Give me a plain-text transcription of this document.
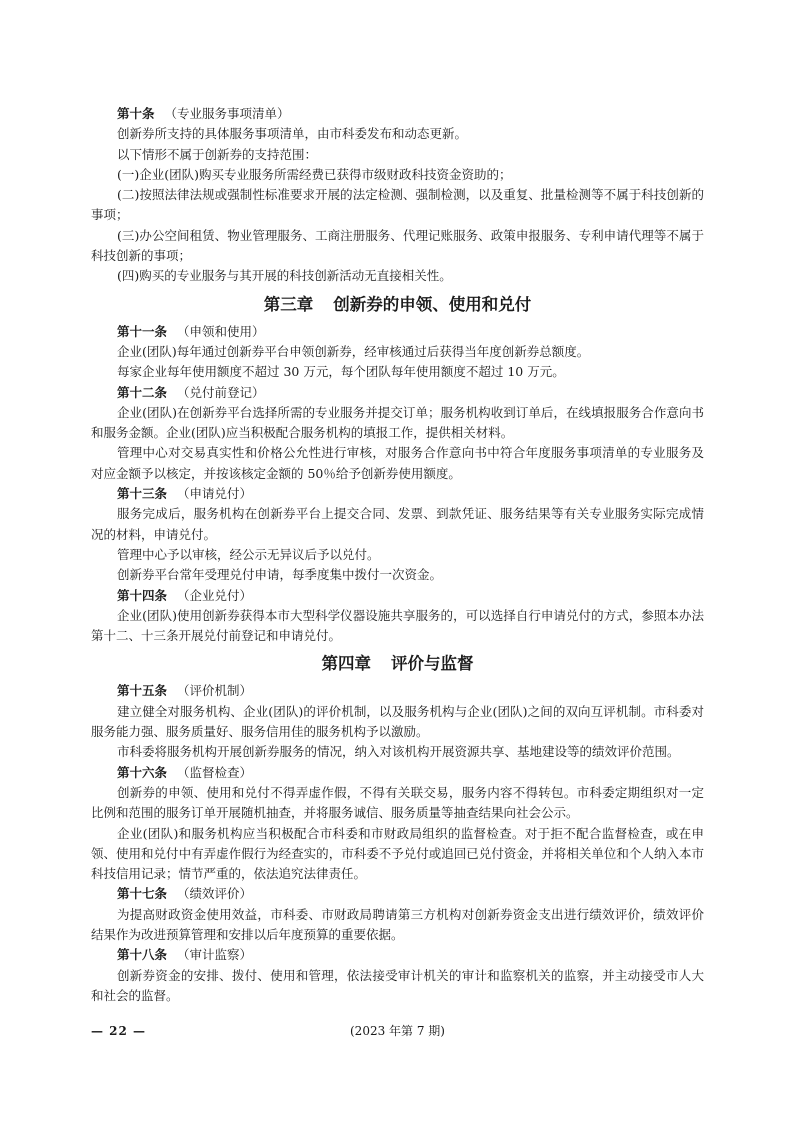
第十条 （专业服务事项清单）

创新券所支持的具体服务事项清单，由市科委发布和动态更新。

以下情形不属于创新券的支持范围：

(一)企业(团队)购买专业服务所需经费已获得市级财政科技资金资助的；

(二)按照法律法规或强制性标准要求开展的法定检测、强制检测，以及重复、批量检测等不属于科技创新的事项；

(三)办公空间租赁、物业管理服务、工商注册服务、代理记账服务、政策申报服务、专利申请代理等不属于科技创新的事项；

(四)购买的专业服务与其开展的科技创新活动无直接相关性。

第三章 创新券的申领、使用和兑付

第十一条 （申领和使用）

企业(团队)每年通过创新券平台申领创新券，经审核通过后获得当年度创新券总额度。

每家企业每年使用额度不超过 30 万元，每个团队每年使用额度不超过 10 万元。

第十二条 （兑付前登记）

企业(团队)在创新券平台选择所需的专业服务并提交订单；服务机构收到订单后，在线填报服务合作意向书和服务金额。企业(团队)应当积极配合服务机构的填报工作，提供相关材料。

管理中心对交易真实性和价格公允性进行审核，对服务合作意向书中符合年度服务事项清单的专业服务及对应金额予以核定，并按该核定金额的 50％给予创新券使用额度。

第十三条 （申请兑付）

服务完成后，服务机构在创新券平台上提交合同、发票、到款凭证、服务结果等有关专业服务实际完成情况的材料，申请兑付。

管理中心予以审核，经公示无异议后予以兑付。

创新券平台常年受理兑付申请，每季度集中拨付一次资金。

第十四条 （企业兑付）

企业(团队)使用创新券获得本市大型科学仪器设施共享服务的，可以选择自行申请兑付的方式，参照本办法第十二、十三条开展兑付前登记和申请兑付。

第四章 评价与监督

第十五条 （评价机制）

建立健全对服务机构、企业(团队)的评价机制，以及服务机构与企业(团队)之间的双向互评机制。市科委对服务能力强、服务质量好、服务信用佳的服务机构予以激励。

市科委将服务机构开展创新券服务的情况，纳入对该机构开展资源共享、基地建设等的绩效评价范围。

第十六条 （监督检查）

创新券的申领、使用和兑付不得弄虚作假，不得有关联交易，服务内容不得转包。市科委定期组织对一定比例和范围的服务订单开展随机抽查，并将服务诚信、服务质量等抽查结果向社会公示。

企业(团队)和服务机构应当积极配合市科委和市财政局组织的监督检查。对于拒不配合监督检查，或在申领、使用和兑付中有弄虚作假行为经查实的，市科委不予兑付或追回已兑付资金，并将相关单位和个人纳入本市科技信用记录；情节严重的，依法追究法律责任。

第十七条 （绩效评价）

为提高财政资金使用效益，市科委、市财政局聘请第三方机构对创新券资金支出进行绩效评价，绩效评价结果作为改进预算管理和安排以后年度预算的重要依据。

第十八条 （审计监察）

创新券资金的安排、拨付、使用和管理，依法接受审计机关的审计和监察机关的监察，并主动接受市人大和社会的监督。

— 22 —	(2023 年第 7 期)
